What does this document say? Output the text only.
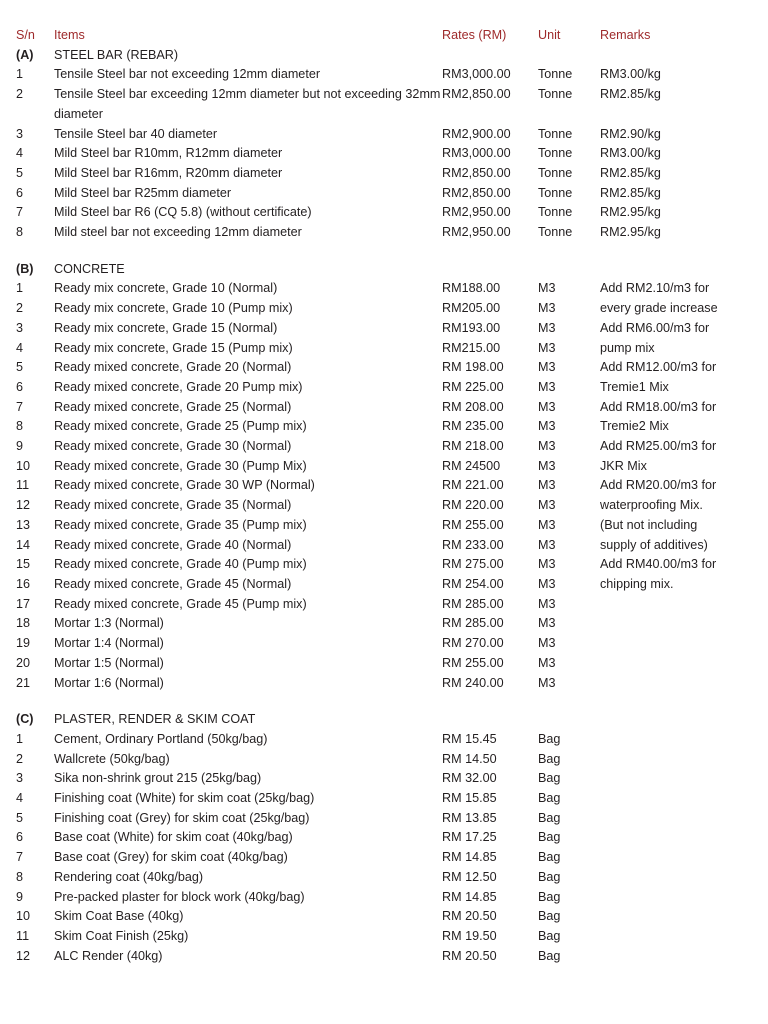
S/n	Items	Rates (RM)	Unit	Remarks
(A)	STEEL BAR (REBAR)			
1	Tensile Steel bar not exceeding 12mm diameter	RM3,000.00	Tonne	RM3.00/kg
2	Tensile Steel bar exceeding 12mm diameter but not exceeding 32mm diameter	RM2,850.00	Tonne	RM2.85/kg
3	Tensile Steel bar 40 diameter	RM2,900.00	Tonne	RM2.90/kg
4	Mild Steel bar R10mm, R12mm diameter	RM3,000.00	Tonne	RM3.00/kg
5	Mild Steel bar R16mm, R20mm diameter	RM2,850.00	Tonne	RM2.85/kg
6	Mild Steel bar R25mm diameter	RM2,850.00	Tonne	RM2.85/kg
7	Mild Steel bar R6 (CQ 5.8) (without certificate)	RM2,950.00	Tonne	RM2.95/kg
8	Mild steel bar not exceeding 12mm diameter	RM2,950.00	Tonne	RM2.95/kg

(B)	CONCRETE			
1	Ready mix concrete, Grade 10 (Normal)	RM188.00	M3	Add RM2.10/m3 for
2	Ready mix concrete, Grade 10 (Pump mix)	RM205.00	M3	every grade increase
3	Ready mix concrete, Grade 15 (Normal)	RM193.00	M3	Add RM6.00/m3 for
4	Ready mix concrete, Grade 15 (Pump mix)	RM215.00	M3	pump mix
5	Ready mixed concrete, Grade 20 (Normal)	RM 198.00	M3	Add RM12.00/m3 for
6	Ready mixed concrete, Grade 20 Pump mix)	RM 225.00	M3	Tremie1 Mix
7	Ready mixed concrete, Grade 25 (Normal)	RM 208.00	M3	Add RM18.00/m3 for
8	Ready mixed concrete, Grade 25 (Pump mix)	RM 235.00	M3	Tremie2 Mix
9	Ready mixed concrete, Grade 30 (Normal)	RM 218.00	M3	Add RM25.00/m3 for
10	Ready mixed concrete, Grade 30 (Pump Mix)	RM 24500	M3	JKR Mix
11	Ready mixed concrete, Grade 30 WP (Normal)	RM 221.00	M3	Add RM20.00/m3 for
12	Ready mixed concrete, Grade 35 (Normal)	RM 220.00	M3	waterproofing Mix.
13	Ready mixed concrete, Grade 35 (Pump mix)	RM 255.00	M3	(But not including
14	Ready mixed concrete, Grade 40 (Normal)	RM 233.00	M3	supply of additives)
15	Ready mixed concrete, Grade 40 (Pump mix)	RM 275.00	M3	Add RM40.00/m3 for
16	Ready mixed concrete, Grade 45 (Normal)	RM 254.00	M3	chipping mix.
17	Ready mixed concrete, Grade 45 (Pump mix)	RM 285.00	M3	
18	Mortar 1:3 (Normal)	RM 285.00	M3	
19	Mortar 1:4 (Normal)	RM 270.00	M3	
20	Mortar 1:5 (Normal)	RM 255.00	M3	
21	Mortar 1:6 (Normal)	RM 240.00	M3	

(C)	PLASTER, RENDER & SKIM COAT			
1	Cement, Ordinary Portland (50kg/bag)	RM 15.45	Bag	
2	Wallcrete (50kg/bag)	RM 14.50	Bag	
3	Sika non-shrink grout 215 (25kg/bag)	RM 32.00	Bag	
4	Finishing coat (White) for skim coat (25kg/bag)	RM 15.85	Bag	
5	Finishing coat (Grey) for skim coat (25kg/bag)	RM 13.85	Bag	
6	Base coat (White) for skim coat (40kg/bag)	RM 17.25	Bag	
7	Base coat (Grey) for skim coat (40kg/bag)	RM 14.85	Bag	
8	Rendering coat (40kg/bag)	RM 12.50	Bag	
9	Pre-packed plaster for block work (40kg/bag)	RM 14.85	Bag	
10	Skim Coat Base (40kg)	RM 20.50	Bag	
11	Skim Coat Finish (25kg)	RM 19.50	Bag	
12	ALC Render (40kg)	RM 20.50	Bag	
